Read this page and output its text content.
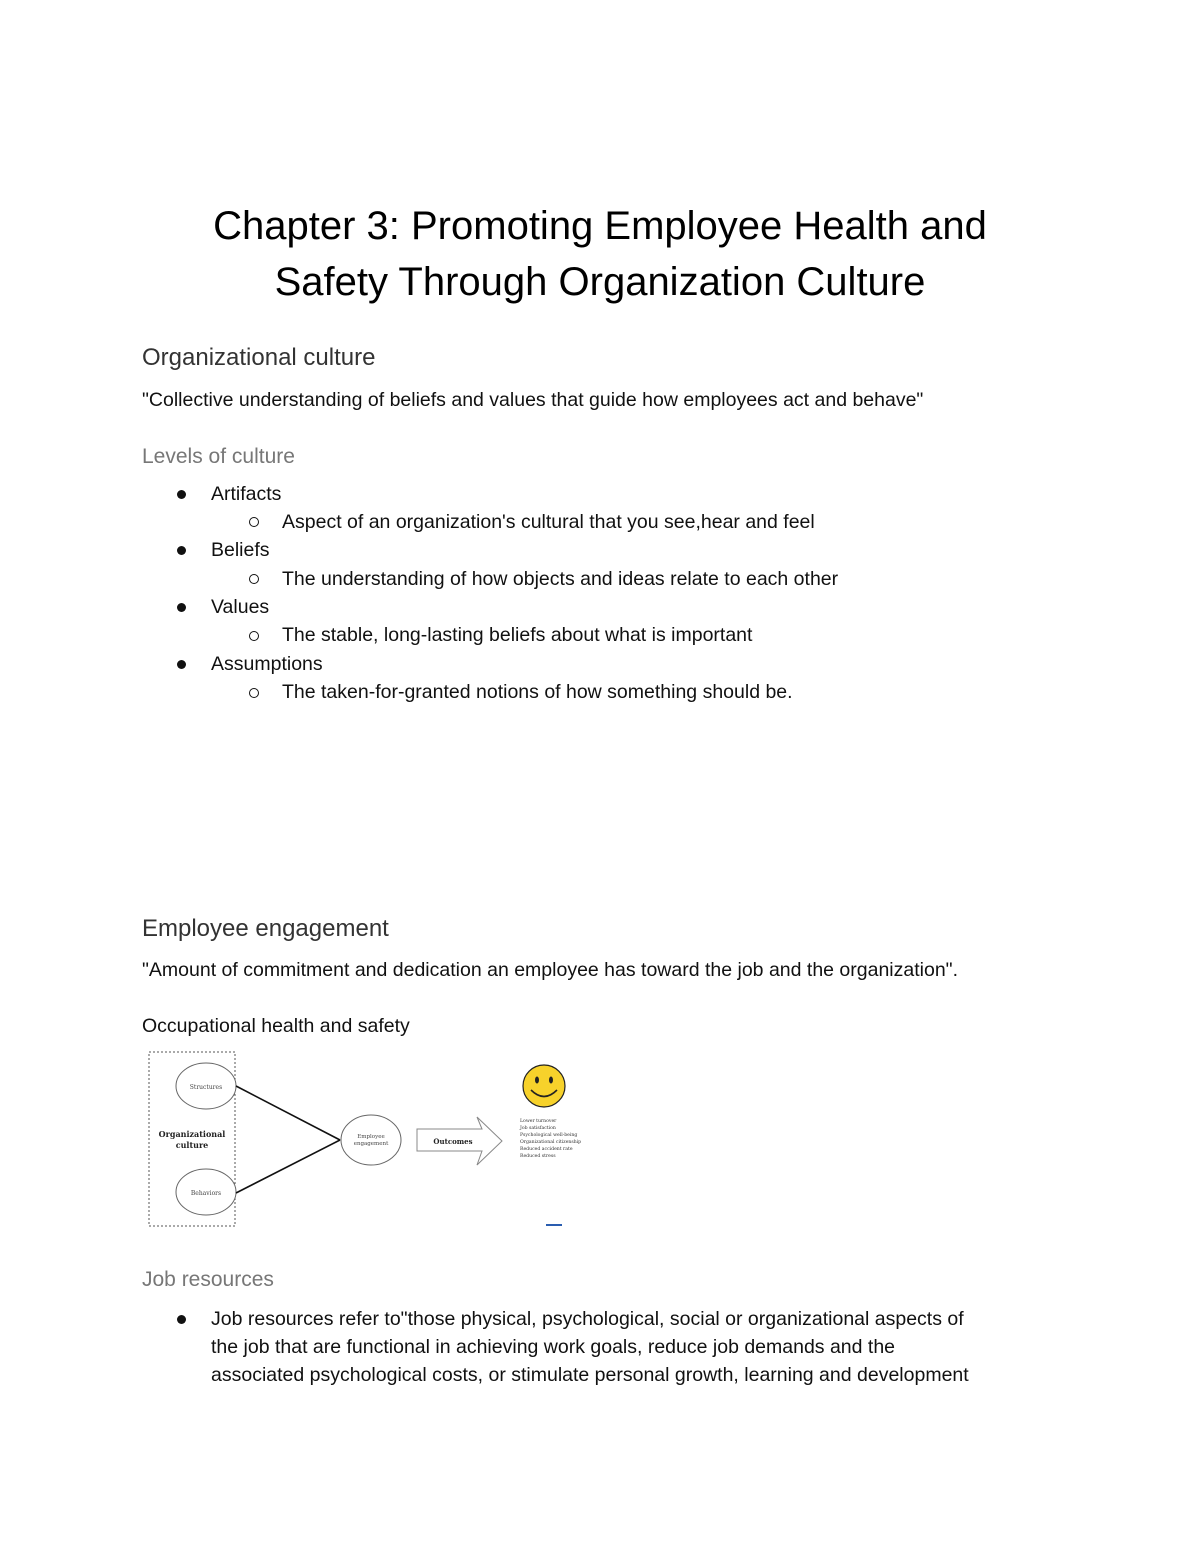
Chapter 3: Promoting Employee Health and
Safety Through Organization Culture
Organizational culture
"Collective understanding of beliefs and values that guide how employees act and behave"
Levels of culture
Artifacts
Aspect of an organization's cultural that you see,hear and feel
Beliefs
The understanding of how objects and ideas relate to each other
Values
The stable, long-lasting beliefs about what is important
Assumptions
The taken-for-granted notions of how something should be.
Employee engagement
"Amount of commitment and dedication an employee has toward the job and the organization".
Occupational health and safety
Structures
Organizational
culture
Behaviors
Employee
engagement	Outcomes
Lower turnover
Job satisfaction
Psychological well-being
Organizational citizenship
Reduced accident rate
Reduced stress
Job resources
Job resources refer to"those physical, psychological, social or organizational aspects of
the job that are functional in achieving work goals, reduce job demands and the
associated psychological costs, or stimulate personal growth, learning and development
